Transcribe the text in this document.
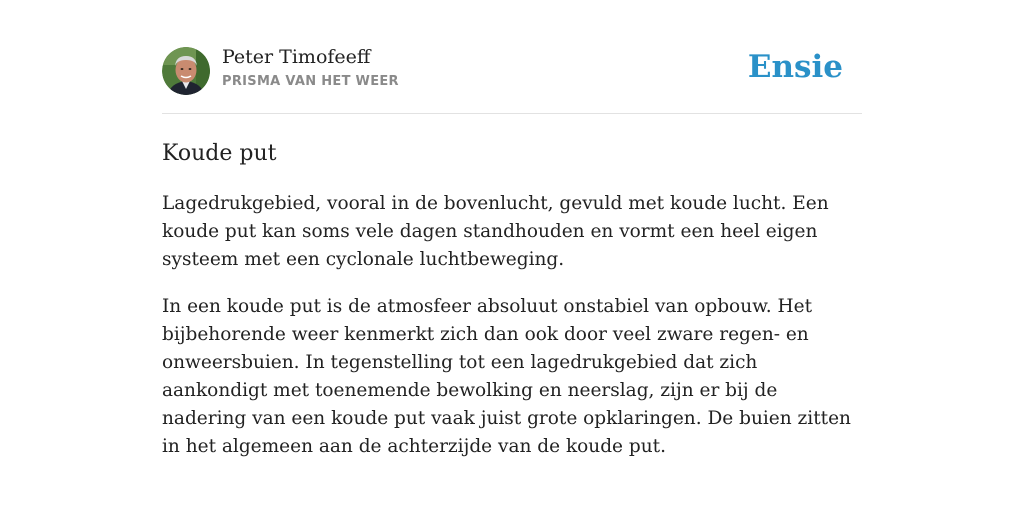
Peter Timofeeff
PRISMA VAN HET WEER	Ensie
Koude put

Lagedrukgebied, vooral in de bovenlucht, gevuld met koude lucht. Een koude put kan soms vele dagen standhouden en vormt een heel eigen systeem met een cyclonale luchtbeweging.

In een koude put is de atmosfeer absoluut onstabiel van opbouw. Het bijbehorende weer kenmerkt zich dan ook door veel zware regen- en onweersbuien. In tegenstelling tot een lagedrukgebied dat zich aankondigt met toenemende bewolking en neerslag, zijn er bij de nadering van een koude put vaak juist grote opklaringen. De buien zitten in het algemeen aan de achterzijde van de koude put.
